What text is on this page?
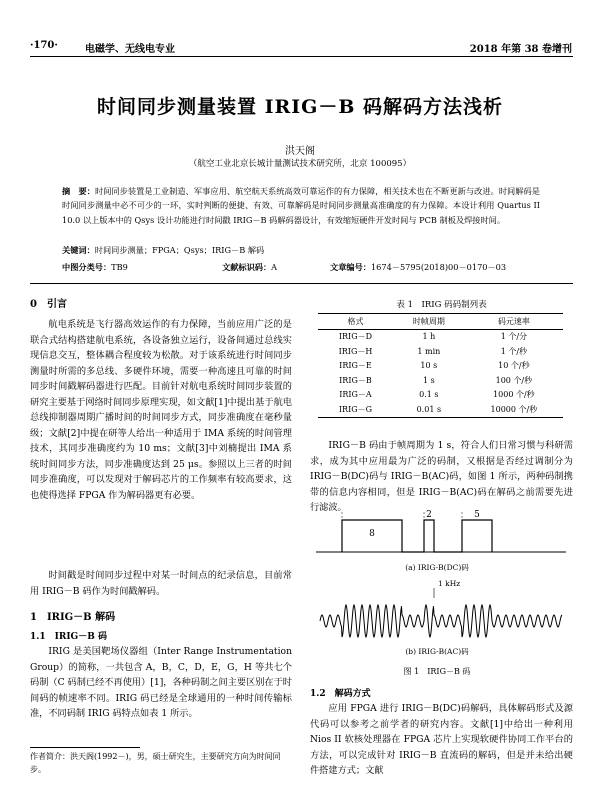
·170·	电磁学、无线电专业	2018 年第 38 卷增刊
时间同步测量装置 IRIG－B 码解码方法浅析
洪天阁
（航空工业北京长城计量测试技术研究所，北京 100095）
摘　要：时间同步装置是工业制造、军事应用、航空航天系统高效可靠运作的有力保障，相关技术也在不断更新与改进。时间解码是时间同步测量中必不可少的一环，实时判断的便捷、有效、可靠解码是时间同步测量高准确度的有力保障。本设计利用 Quartus II 10.0 以上版本中的 Qsys 设计功能进行时间戳 IRIG－B 码解码器设计，有效缩短硬件开发时间与 PCB 制板及焊接时间。
关键词：时间同步测量；FPGA；Qsys；IRIG－B 解码
中图分类号：TB9	文献标识码：A	文章编号：1674－5795(2018)00－0170－03
0　引言
航电系统是飞行器高效运作的有力保障，当前应用广泛的是联合式结构搭建航电系统，各设备独立运行，设备间通过总线实现信息交互，整体耦合程度较为松散。对于该系统进行时间同步测量时所需的多总线、多硬件环境，需要一种高速且可靠的时间同步时间戳解码器进行匹配。目前针对航电系统时间同步装置的研究主要基于网络时间同步原理实现，如文献[1]中提出基于航电总线抑制器周期广播时间的时间同步方式，同步准确度在毫秒量级；文献[2]中提在研等人给出一种适用于 IMA 系统的时间管理技术，其同步准确度约为 10 ms；文献[3]中刘楠提出 IMA 系统时间同步方法，同步准确度达到 25 μs。参照以上三者的时间同步准确度，可以发现对于解码芯片的工作频率有较高要求，这也使得选择 FPGA 作为解码器更有必要。
时间戳是时间同步过程中对某一时间点的纪录信息，目前常用 IRIG－B 码作为时间戳解码。
1　IRIG－B 解码
1.1　IRIG－B 码
IRIG 是美国靶场仪器组（Inter Range Instrumentation Group）的简称，一共包含 A，B，C，D，E，G，H 等共七个码制（C 码制已经不再使用）[1]，各种码制之间主要区别在于时间码的帧速率不同。IRIG 码已经是全球通用的一种时间传输标准，不同码制 IRIG 码特点如表 1 所示。
作者简介：洪天阁(1992－)，男，硕士研究生，主要研究方向为时间同步。
表 1　IRIG 码码制列表
格式	时帧周期	码元速率
IRIG－D	1 h	1 个/分
IRIG－H	1 min	1 个/秒
IRIG－E	10 s	10 个/秒
IRIG－B	1 s	100 个/秒
IRIG－A	0.1 s	1000 个/秒
IRIG－G	0.01 s	10000 个/秒
IRIG－B 码由于帧周期为 1 s，符合人们日常习惯与科研需求，成为其中应用最为广泛的码制，又根据是否经过调制分为 IRIG－B(DC)码与 IRIG－B(AC)码，如图 1 所示，两种码制携带的信息内容相同，但是 IRIG－B(AC)码在解码之前需要先进行滤波。
8
2	5
(a) IRIG-B(DC)码
1 kHz
(b) IRIG-B(AC)码
图 1　IRIG－B 码
1.2　解码方式
应用 FPGA 进行 IRIG－B(DC)码解码，具体解码形式及源代码可以参考之前学者的研究内容。文献[1]中给出一种利用 Nios II 软核处理器在 FPGA 芯片上实现软硬件协同工作平台的方法，可以完成针对 IRIG－B 直流码的解码，但是并未给出硬件搭建方式；文献
